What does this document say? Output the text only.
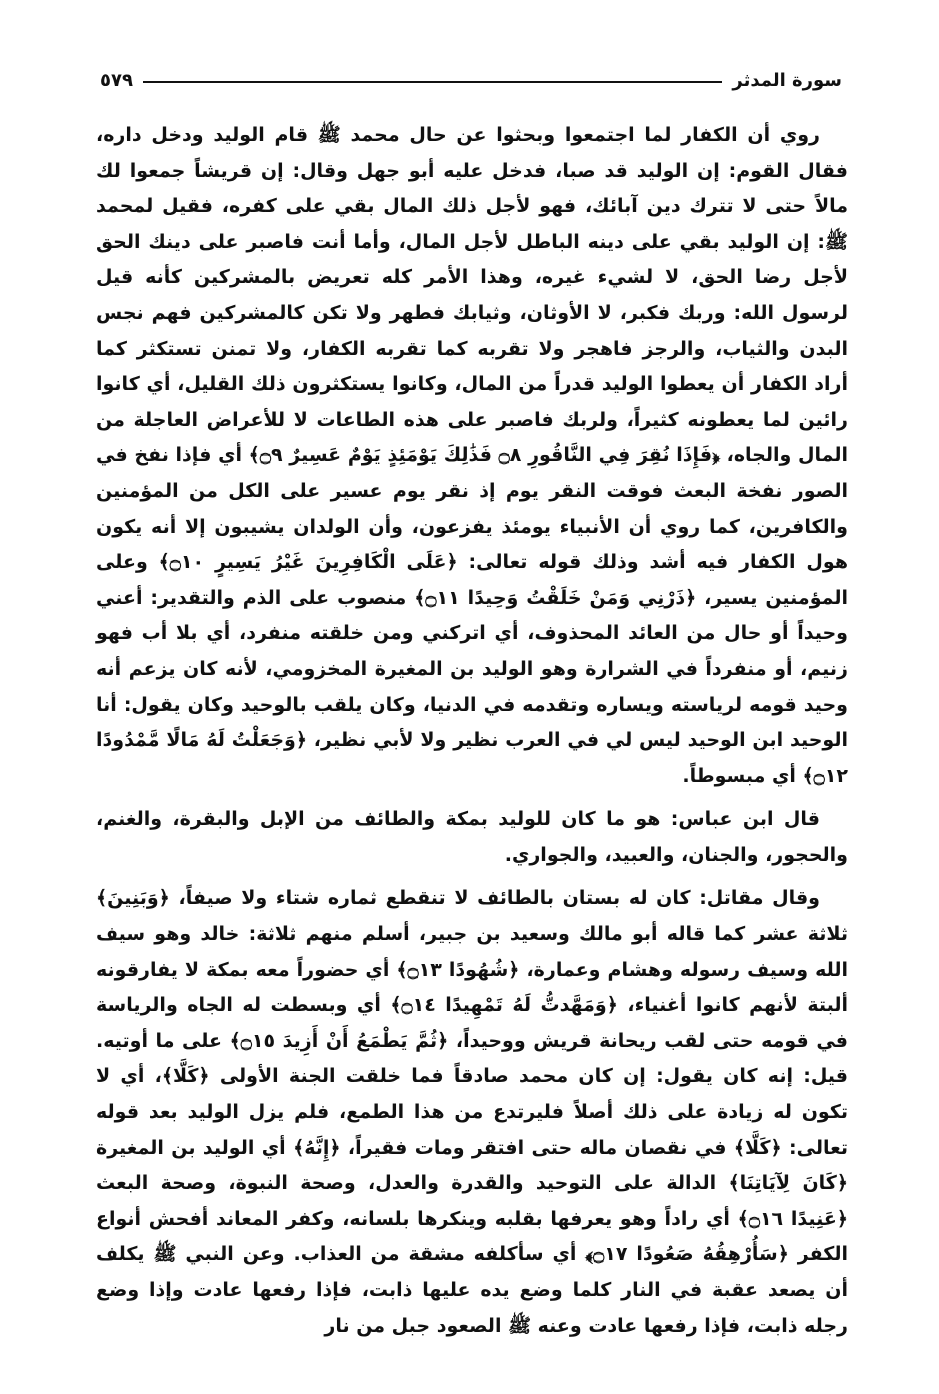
سورة المدثر
٥٧٩

روي أن الكفار لما اجتمعوا وبحثوا عن حال محمد ﷺ قام الوليد ودخل داره، فقال القوم: إن الوليد قد صبا، فدخل عليه أبو جهل وقال: إن قريشاً جمعوا لك مالاً حتى لا تترك دين آبائك، فهو لأجل ذلك المال بقي على كفره، فقيل لمحمد ﷺ: إن الوليد بقي على دينه الباطل لأجل المال، وأما أنت فاصبر على دينك الحق لأجل رضا الحق، لا لشيء غيره، وهذا الأمر كله تعريض بالمشركين كأنه قيل لرسول الله: وربك فكبر، لا الأوثان، وثيابك فطهر ولا تكن كالمشركين فهم نجس البدن والثياب، والرجز فاهجر ولا تقربه كما تقربه الكفار، ولا تمنن تستكثر كما أراد الكفار أن يعطوا الوليد قدراً من المال، وكانوا يستكثرون ذلك القليل، أي كانوا رائين لما يعطونه كثيراً، ولربك فاصبر على هذه الطاعات لا للأعراض العاجلة من المال والجاه، ﴿فَإِذَا نُقِرَ فِي النَّاقُورِ ۝٨ فَذَٰلِكَ يَوْمَئِذٍ يَوْمٌ عَسِيرٌ ۝٩﴾ أي فإذا نفخ في الصور نفخة البعث فوقت النقر يوم إذ نقر يوم عسير على الكل من المؤمنين والكافرين، كما روي أن الأنبياء يومئذ يفزعون، وأن الولدان يشيبون إلا أنه يكون هول الكفار فيه أشد وذلك قوله تعالى: ﴿عَلَى الْكَافِرِينَ غَيْرُ يَسِيرٍ ۝١٠﴾ وعلى المؤمنين يسير، ﴿ذَرْنِي وَمَنْ خَلَقْتُ وَحِيدًا ۝١١﴾ منصوب على الذم والتقدير: أعني وحيداً أو حال من العائد المحذوف، أي اتركني ومن خلقته منفرد، أي بلا أب فهو زنيم، أو منفرداً في الشرارة وهو الوليد بن المغيرة المخزومي، لأنه كان يزعم أنه وحيد قومه لرياسته ويساره وتقدمه في الدنيا، وكان يلقب بالوحيد وكان يقول: أنا الوحيد ابن الوحيد ليس لي في العرب نظير ولا لأبي نظير، ﴿وَجَعَلْتُ لَهُ مَالًا مَّمْدُودًا ۝١٢﴾ أي مبسوطاً.

قال ابن عباس: هو ما كان للوليد بمكة والطائف من الإبل والبقرة، والغنم، والحجور، والجنان، والعبيد، والجواري.

وقال مقاتل: كان له بستان بالطائف لا تنقطع ثماره شتاء ولا صيفاً، ﴿وَبَنِينَ﴾ ثلاثة عشر كما قاله أبو مالك وسعيد بن جبير، أسلم منهم ثلاثة: خالد وهو سيف الله وسيف رسوله وهشام وعمارة، ﴿شُهُودًا ۝١٣﴾ أي حضوراً معه بمكة لا يفارقونه ألبتة لأنهم كانوا أغنياء، ﴿وَمَهَّدتُّ لَهُ تَمْهِيدًا ۝١٤﴾ أي وبسطت له الجاه والرياسة في قومه حتى لقب ريحانة قريش ووحيداً، ﴿ثُمَّ يَطْمَعُ أَنْ أَزِيدَ ۝١٥﴾ على ما أوتيه. قيل: إنه كان يقول: إن كان محمد صادقاً فما خلقت الجنة الأولى ﴿كَلَّا﴾، أي لا تكون له زيادة على ذلك أصلاً فليرتدع من هذا الطمع، فلم يزل الوليد بعد قوله تعالى: ﴿كَلَّا﴾ في نقصان ماله حتى افتقر ومات فقيراً، ﴿إِنَّهُ﴾ أي الوليد بن المغيرة ﴿كَانَ لِآيَاتِنَا﴾ الدالة على التوحيد والقدرة والعدل، وصحة النبوة، وصحة البعث ﴿عَنِيدًا ۝١٦﴾ أي راداً وهو يعرفها بقلبه وينكرها بلسانه، وكفر المعاند أفحش أنواع الكفر ﴿سَأُرْهِقُهُ صَعُودًا ۝١٧﴾ أي سأكلفه مشقة من العذاب. وعن النبي ﷺ يكلف أن يصعد عقبة في النار كلما وضع يده عليها ذابت، فإذا رفعها عادت وإذا وضع رجله ذابت، فإذا رفعها عادت وعنه ﷺ الصعود جبل من نار
